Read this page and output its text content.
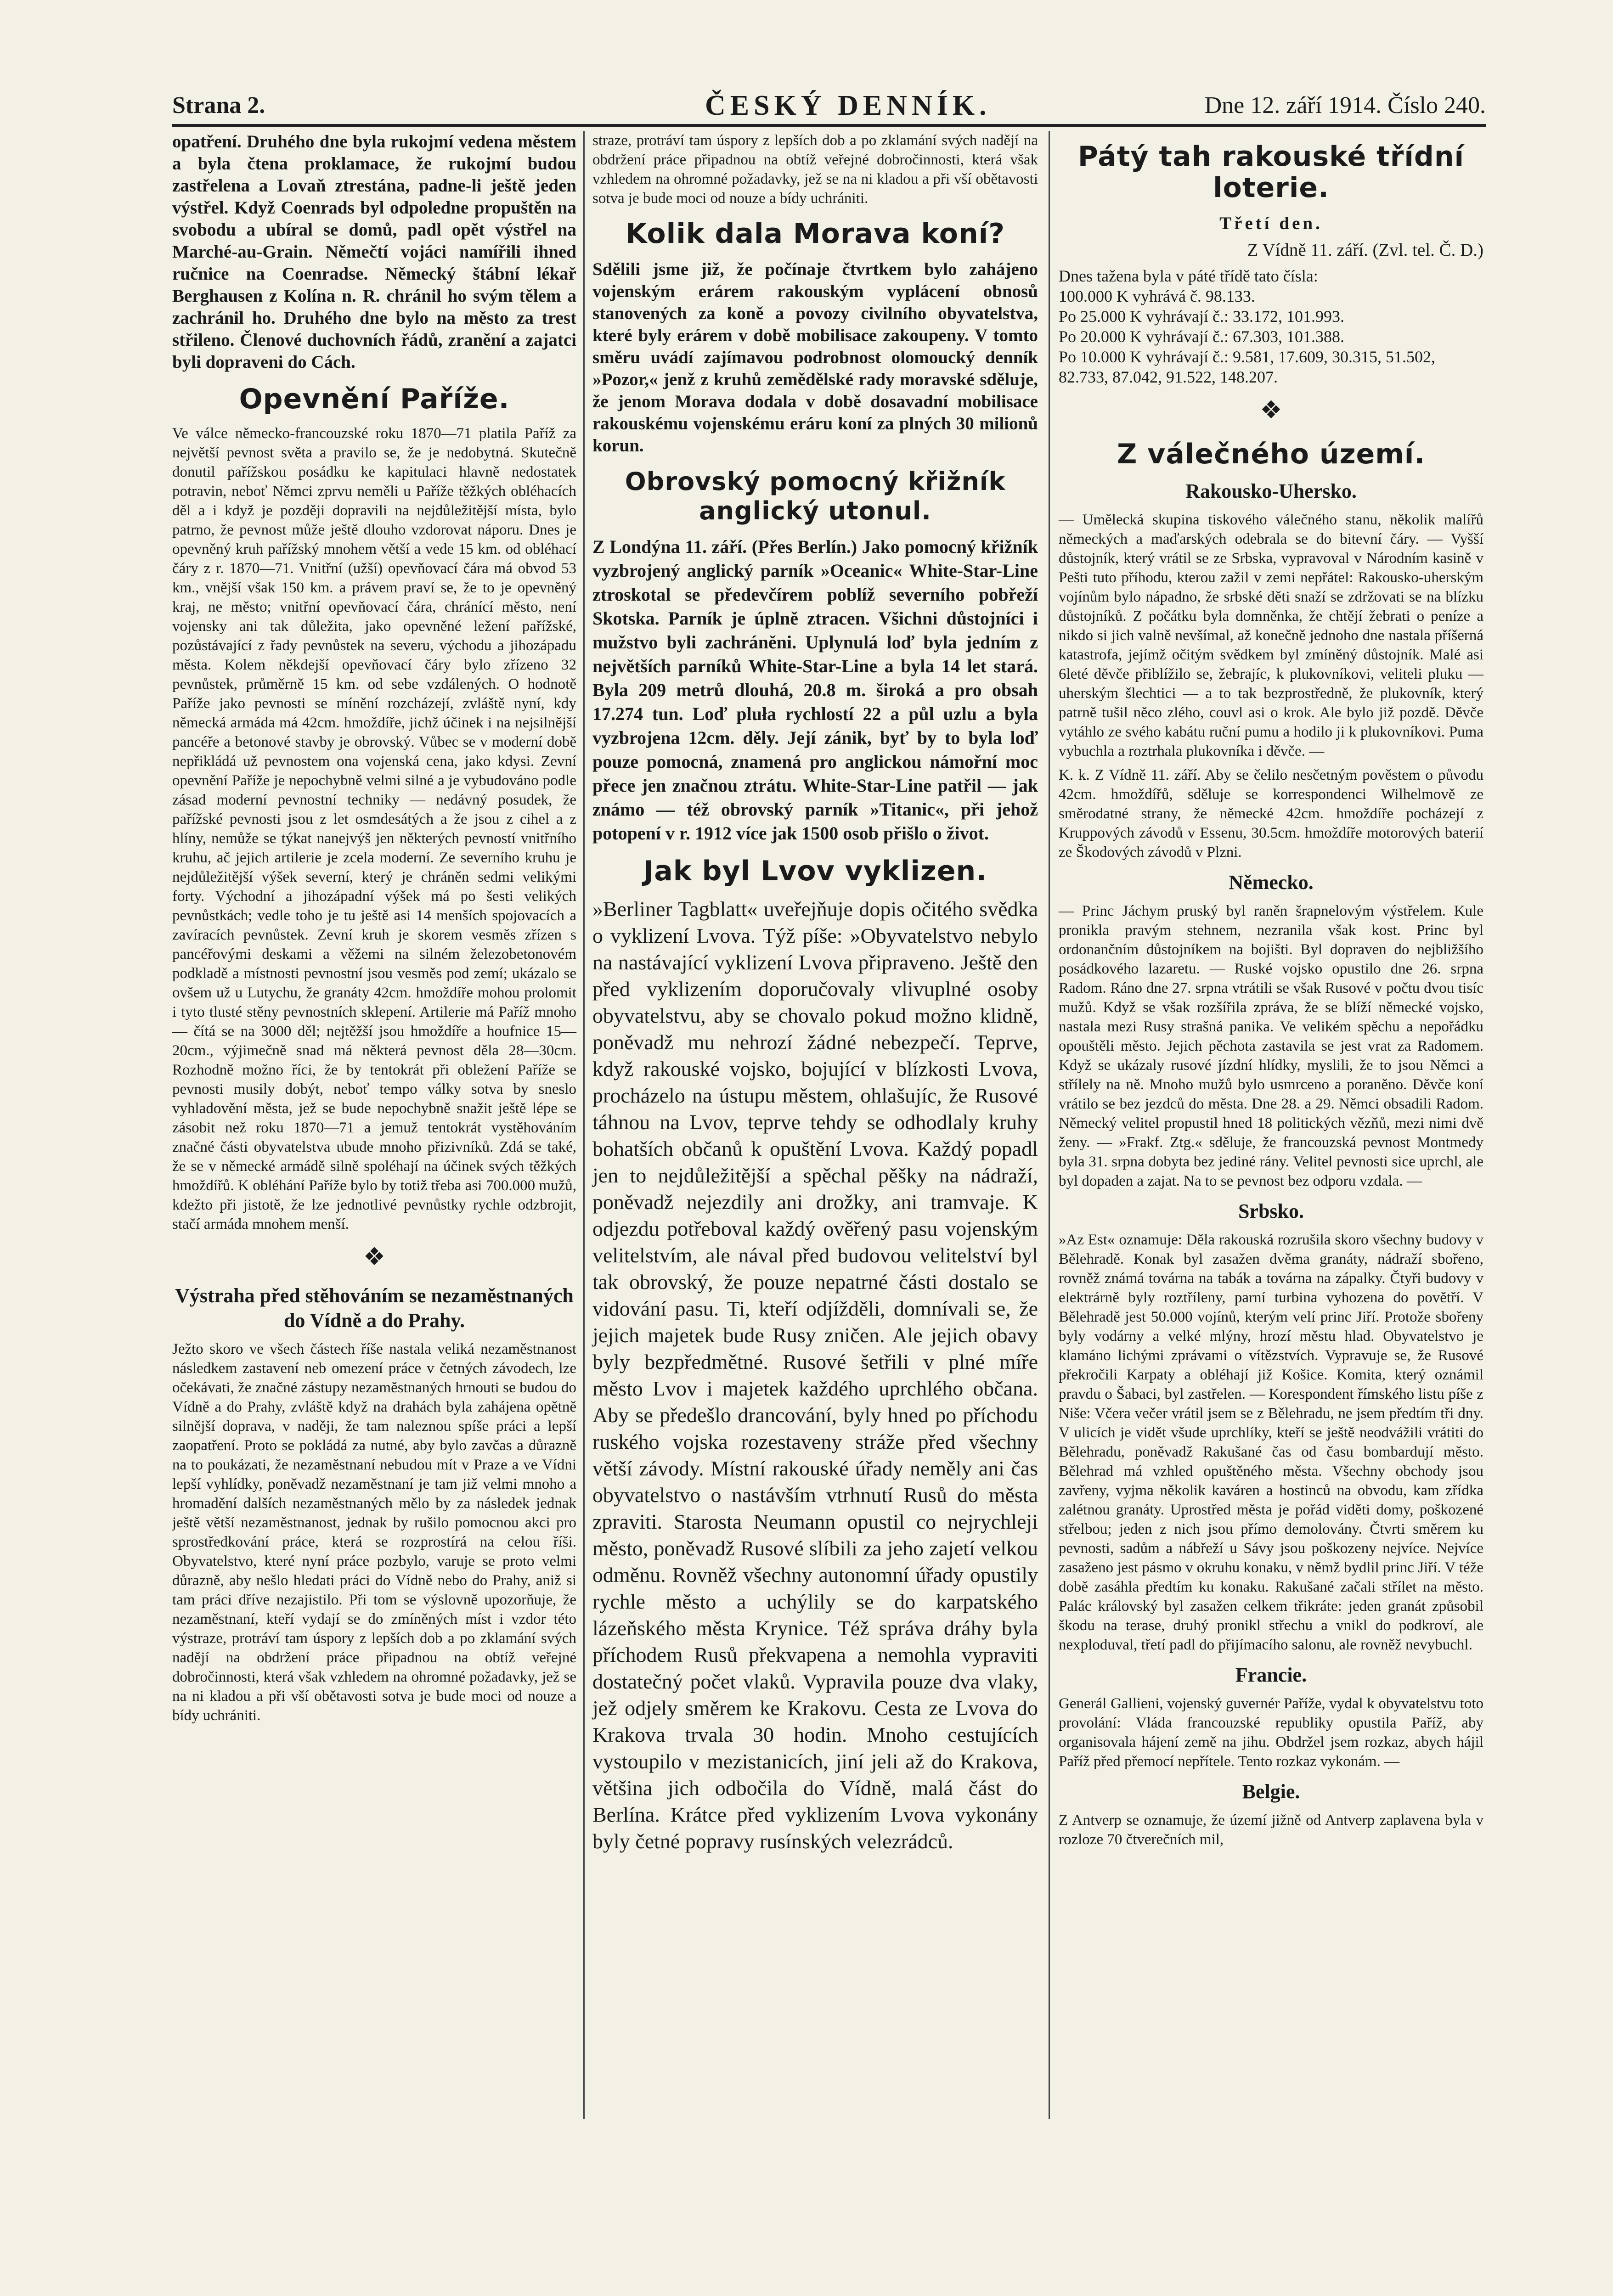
Strana 2.	ČESKÝ DENNÍK.	Dne 12. září 1914. Číslo 240.

opatření. Druhého dne byla rukojmí vedena městem a byla čtena proklamace, že rukojmí budou zastřelena a Lovaň ztrestána, padne-li ještě jeden výstřel. Když Coenrads byl odpoledne propuštěn na svobodu a ubíral se domů, padl opět výstřel na Marché-au-Grain. Němečtí vojáci namířili ihned ručnice na Coenradse. Německý štábní lékař Berghausen z Kolína n. R. chránil ho svým tělem a zachránil ho. Druhého dne bylo na město za trest střileno. Členové duchovních řádů, zranění a zajatci byli dopraveni do Cách.

Opevnění Paříže.

Ve válce německo-francouzské roku 1870—71 platila Paříž za největší pevnost světa a pravilo se, že je nedobytná. Skutečně donutil pařížskou posádku ke kapitulaci hlavně nedostatek potravin, neboť Němci zprvu neměli u Paříže těžkých obléhacích děl a i když je později dopravili na nejdůležitější místa, bylo patrno, že pevnost může ještě dlouho vzdorovat náporu. Dnes je opevněný kruh pařížský mnohem větší a vede 15 km. od obléhací čáry z r. 1870—71. Vnitřní (užší) opevňovací čára má obvod 53 km., vnější však 150 km. a právem praví se, že to je opevněný kraj, ne město; vnitřní opevňovací čára, chránící město, není vojensky ani tak důležita, jako opevněné ležení pařížské, pozůstávající z řady pevnůstek na severu, východu a jihozápadu města. Kolem někdejší opevňovací čáry bylo zřízeno 32 pevnůstek, průměrně 15 km. od sebe vzdálených. O hodnotě Paříže jako pevnosti se mínění rozcházejí, zvláště nyní, kdy německá armáda má 42cm. hmoždíře, jichž účinek i na nejsilnější pancéře a betonové stavby je obrovský. Vůbec se v moderní době nepřikládá už pevnostem ona vojenská cena, jako kdysi. Zevní opevnění Paříže je nepochybně velmi silné a je vybudováno podle zásad moderní pevnostní techniky — nedávný posudek, že pařížské pevnosti jsou z let osmdesátých a že jsou z cihel a z hlíny, nemůže se týkat nanejvýš jen některých pevností vnitřního kruhu, ač jejich artilerie je zcela moderní. Ze severního kruhu je nejdůležitější výšek severní, který je chráněn sedmi velikými forty. Východní a jihozápadní výšek má po šesti velikých pevnůstkách; vedle toho je tu ještě asi 14 menších spojovacích a zavíracích pevnůstek. Zevní kruh je skorem vesměs zřízen s pancéřovými deskami a věžemi na silném železobetonovém podkladě a místnosti pevnostní jsou vesměs pod zemí; ukázalo se ovšem už u Lutychu, že granáty 42cm. hmoždíře mohou prolomit i tyto tlusté stěny pevnostních sklepení. Artilerie má Paříž mnoho — čítá se na 3000 děl; nejtěžší jsou hmoždíře a houfnice 15—20cm., výjimečně snad má některá pevnost děla 28—30cm. Rozhodně možno říci, že by tentokrát při obležení Paříže se pevnosti musily dobýt, neboť tempo války sotva by sneslo vyhladovění města, jež se bude nepochybně snažit ještě lépe se zásobit než roku 1870—71 a jemuž tentokrát vystěhováním značné části obyvatelstva ubude mnoho přizivníků. Zdá se také, že se v německé armádě silně spoléhají na účinek svých těžkých hmoždířů. K obléhání Paříže bylo by totiž třeba asi 700.000 mužů, kdežto při jistotě, že lze jednotlivé pevnůstky rychle odzbrojit, stačí armáda mnohem menší.

❖
Výstraha před stěhováním se nezaměstnaných do Vídně a do Prahy.

Ježto skoro ve všech částech říše nastala veliká nezaměstnanost následkem zastavení neb omezení práce v četných závodech, lze očekávati, že značné zástupy nezaměstnaných hrnouti se budou do Vídně a do Prahy, zvláště když na drahách byla zahájena opětně silnější doprava, v naději, že tam naleznou spíše práci a lepší zaopatření. Proto se pokládá za nutné, aby bylo zavčas a důrazně na to poukázati, že nezaměstnaní nebudou mít v Praze a ve Vídni lepší vyhlídky, poněvadž nezaměstnaní je tam již velmi mnoho a hromadění dalších nezaměstnaných mělo by za následek jednak ještě větší nezaměstnanost, jednak by rušilo pomocnou akci pro sprostředkování práce, která se rozprostírá na celou říši. Obyvatelstvo, které nyní práce pozbylo, varuje se proto velmi důrazně, aby nešlo hledati práci do Vídně nebo do Prahy, aniž si tam práci dříve nezajistilo. Při tom se výslovně upozorňuje, že nezaměstnaní, kteří vydají se do zmíněných míst i vzdor této výstraze, protráví tam úspory z lepších dob a po zklamání svých nadějí na obdržení práce připadnou na obtíž veřejné dobročinnosti, která však vzhledem na ohromné požadavky, jež se na ni kladou a při vší obětavosti sotva je bude moci od nouze a bídy uchrániti.

straze, protráví tam úspory z lepších dob a po zklamání svých nadějí na obdržení práce připadnou na obtíž veřejné dobročinnosti, která však vzhledem na ohromné požadavky, jež se na ni kladou a při vší obětavosti sotva je bude moci od nouze a bídy uchrániti.

Kolik dala Morava koní?

Sdělili jsme již, že počínaje čtvrtkem bylo zahájeno vojenským erárem rakouským vyplácení obnosů stanovených za koně a povozy civilního obyvatelstva, které byly erárem v době mobilisace zakoupeny. V tomto směru uvádí zajímavou podrobnost olomoucký denník »Pozor,« jenž z kruhů zemědělské rady moravské sděluje, že jenom Morava dodala v době dosavadní mobilisace rakouskému vojenskému eráru koní za plných 30 milionů korun.

Obrovský pomocný křižník anglický utonul.

Z Londýna 11. září. (Přes Berlín.) Jako pomocný křižník vyzbrojený anglický parník »Oceanic« White-Star-Line ztroskotal se předevčírem poblíž severního pobřeží Skotska. Parník je úplně ztracen. Všichni důstojníci i mužstvo byli zachráněni. Uplynulá loď byla jedním z největších parníků White-Star-Line a byla 14 let stará. Byla 209 metrů dlouhá, 20.8 m. široká a pro obsah 17.274 tun. Loď pluła rychlostí 22 a půl uzlu a byla vyzbrojena 12cm. děly. Její zánik, byť by to byla loď pouze pomocná, znamená pro anglickou námořní moc přece jen značnou ztrátu. White-Star-Line patřil — jak známo — též obrovský parník »Titanic«, při jehož potopení v r. 1912 více jak 1500 osob přišlo o život.

Jak byl Lvov vyklizen.

»Berliner Tagblatt« uveřejňuje dopis očitého svědka o vyklizení Lvova. Týž píše: »Obyvatelstvo nebylo na nastávající vyklizení Lvova připraveno. Ještě den před vyklizením doporučovaly vlivuplné osoby obyvatelstvu, aby se chovalo pokud možno klidně, poněvadž mu nehrozí žádné nebezpečí. Teprve, když rakouské vojsko, bojující v blízkosti Lvova, procházelo na ústupu městem, ohlašujíc, že Rusové táhnou na Lvov, teprve tehdy se odhodlaly kruhy bohatších občanů k opuštění Lvova. Každý popadl jen to nejdůležitější a spěchal pěšky na nádraží, poněvadž nejezdily ani drožky, ani tramvaje. K odjezdu potřeboval každý ověřený pasu vojenským velitelstvím, ale nával před budovou velitelství byl tak obrovský, že pouze nepatrné části dostalo se vidování pasu. Ti, kteří odjížděli, domnívali se, že jejich majetek bude Rusy zničen. Ale jejich obavy byly bezpředmětné. Rusové šetřili v plné míře město Lvov i majetek každého uprchlého občana. Aby se předešlo drancování, byly hned po příchodu ruského vojska rozestaveny stráže před všechny větší závody. Místní rakouské úřady neměly ani čas obyvatelstvo o nastávším vtrhnutí Rusů do města zpraviti. Starosta Neumann opustil co nejrychleji město, poněvadž Rusové slíbili za jeho zajetí velkou odměnu. Rovněž všechny autonomní úřady opustily rychle město a uchýlily se do karpatského lázeňského města Krynice. Též správa dráhy byla příchodem Rusů překvapena a nemohla vypraviti dostatečný počet vlaků. Vypravila pouze dva vlaky, jež odjely směrem ke Krakovu. Cesta ze Lvova do Krakova trvala 30 hodin. Mnoho cestujících vystoupilo v mezistanicích, jiní jeli až do Krakova, většina jich odbočila do Vídně, malá část do Berlína. Krátce před vyklizením Lvova vykonány byly četné popravy rusínských velezrádců.

Pátý tah rakouské třídní loterie.

Třetí den.

Z Vídně 11. září. (Zvl. tel. Č. D.)

Dnes tažena byla v páté třídě tato čísla:

100.000 K vyhrává č. 98.133.

Po 25.000 K vyhrávají č.: 33.172, 101.993.

Po 20.000 K vyhrávají č.: 67.303, 101.388.

Po 10.000 K vyhrávají č.: 9.581, 17.609, 30.315, 51.502, 82.733, 87.042, 91.522, 148.207.

❖
Z válečného území.
Rakousko-Uhersko.

— Umělecká skupina tiskového válečného stanu, několik malířů německých a maďarských odebrala se do bitevní čáry. — Vyšší důstojník, který vrátil se ze Srbska, vypravoval v Národním kasině v Pešti tuto příhodu, kterou zažil v zemi nepřátel: Rakousko-uherským vojínům bylo nápadno, že srbské děti snaží se zdržovati se na blízku důstojníků. Z počátku byla domněnka, že chtějí žebrati o peníze a nikdo si jich valně nevšímal, až konečně jednoho dne nastala příšerná katastrofa, jejímž očitým svědkem byl zmíněný důstojník. Malé asi 6leté děvče přiblížilo se, žebrajíc, k plukovníkovi, veliteli pluku — uherským šlechtici — a to tak bezprostředně, že plukovník, který patrně tušil něco zlého, couvl asi o krok. Ale bylo již pozdě. Děvče vytáhlo ze svého kabátu ruční pumu a hodilo ji k plukovníkovi. Puma vybuchla a roztrhala plukovníka i děvče. —

K. k. Z Vídně 11. září. Aby se čelilo nesčetným pověstem o původu 42cm. hmoždířů, sděluje se korrespondenci Wilhelmově ze směrodatné strany, že německé 42cm. hmoždíře pocházejí z Kruppových závodů v Essenu, 30.5cm. hmoždíře motorových baterií ze Škodových závodů v Plzni.

Německo.

— Princ Jáchym pruský byl raněn šrapnelovým výstřelem. Kule pronikla pravým stehnem, nezranila však kost. Princ byl ordonančním důstojníkem na bojišti. Byl dopraven do nejbližšího posádkového lazaretu. — Ruské vojsko opustilo dne 26. srpna Radom. Ráno dne 27. srpna vtrátili se však Rusové v počtu dvou tisíc mužů. Když se však rozšířila zpráva, že se blíží německé vojsko, nastala mezi Rusy strašná panika. Ve velikém spěchu a nepořádku opouštěli město. Jejich pěchota zastavila se jest vrat za Radomem. Když se ukázaly rusové jízdní hlídky, myslili, že to jsou Němci a střílely na ně. Mnoho mužů bylo usmrceno a poraněno. Děvče koní vrátilo se bez jezdců do města. Dne 28. a 29. Němci obsadili Radom. Německý velitel propustil hned 18 politických vězňů, mezi nimi dvě ženy. — »Frakf. Ztg.« sděluje, že francouzská pevnost Montmedy byla 31. srpna dobyta bez jediné rány. Velitel pevnosti sice uprchl, ale byl dopaden a zajat. Na to se pevnost bez odporu vzdala. —

Srbsko.

»Az Est« oznamuje: Děla rakouská rozrušila skoro všechny budovy v Bělehradě. Konak byl zasažen dvěma granáty, nádraží sbořeno, rovněž známá továrna na tabák a továrna na zápalky. Čtyři budovy v elektrárně byly roztříleny, parní turbina vyhozena do povětří. V Bělehradě jest 50.000 vojínů, kterým velí princ Jiří. Protože sbořeny byly vodárny a velké mlýny, hrozí městu hlad. Obyvatelstvo je klamáno lichými zprávami o vítězstvích. Vypravuje se, že Rusové překročili Karpaty a obléhají již Košice. Komita, který oznámil pravdu o Šabaci, byl zastřelen. — Korespondent římského listu píše z Niše: Včera večer vrátil jsem se z Bělehradu, ne jsem předtím tři dny. V ulicích je vidět všude uprchlíky, kteří se ještě neodvážili vrátiti do Bělehradu, poněvadž Rakušané čas od času bombardují město. Bělehrad má vzhled opuštěného města. Všechny obchody jsou zavřeny, vyjma několik kaváren a hostinců na obvodu, kam zřídka zalétnou granáty. Uprostřed města je pořád viděti domy, poškozené střelbou; jeden z nich jsou přímo demolovány. Čtvrti směrem ku pevnosti, sadům a nábřeží u Sávy jsou poškozeny nejvíce. Nejvíce zasaženo jest pásmo v okruhu konaku, v němž bydlil princ Jiří. V téže době zasáhla předtím ku konaku. Rakušané začali střílet na město. Palác královský byl zasažen celkem třikráte: jeden granát způsobil škodu na terase, druhý pronikl střechu a vnikl do podkroví, ale nexploduval, třetí padl do přijímacího salonu, ale rovněž nevybuchl.

Francie.

Generál Gallieni, vojenský guvernér Paříže, vydal k obyvatelstvu toto provolání: Vláda francouzské republiky opustila Paříž, aby organisovala hájení země na jihu. Obdržel jsem rozkaz, abych hájil Paříž před přemocí nepřítele. Tento rozkaz vykonám. —

Belgie.

Z Antverp se oznamuje, že území jižně od Antverp zaplavena byla v rozloze 70 čtverečních mil,
